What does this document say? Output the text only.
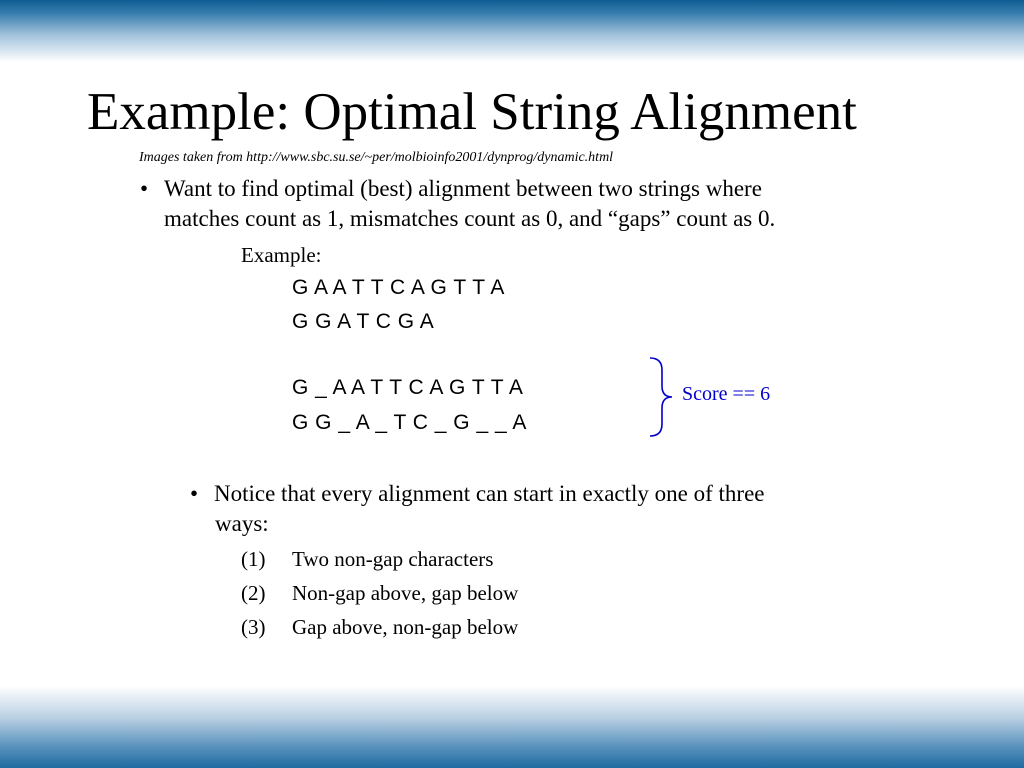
Example: Optimal String Alignment
Images taken from http://www.sbc.su.se/~per/molbioinfo2001/dynprog/dynamic.html
• Want to find optimal (best) alignment between two strings where
matches count as 1, mismatches count as 0, and “gaps” count as 0.
Example:
G A A T T C A G T T A
G G A T C G A
G _ A A T T C A G T T A
G G _ A _ T C _ G _ _ A
Score == 6
• Notice that every alignment can start in exactly one of three
ways:
(1) Two non-gap characters
(2) Non-gap above, gap below
(3) Gap above, non-gap below
